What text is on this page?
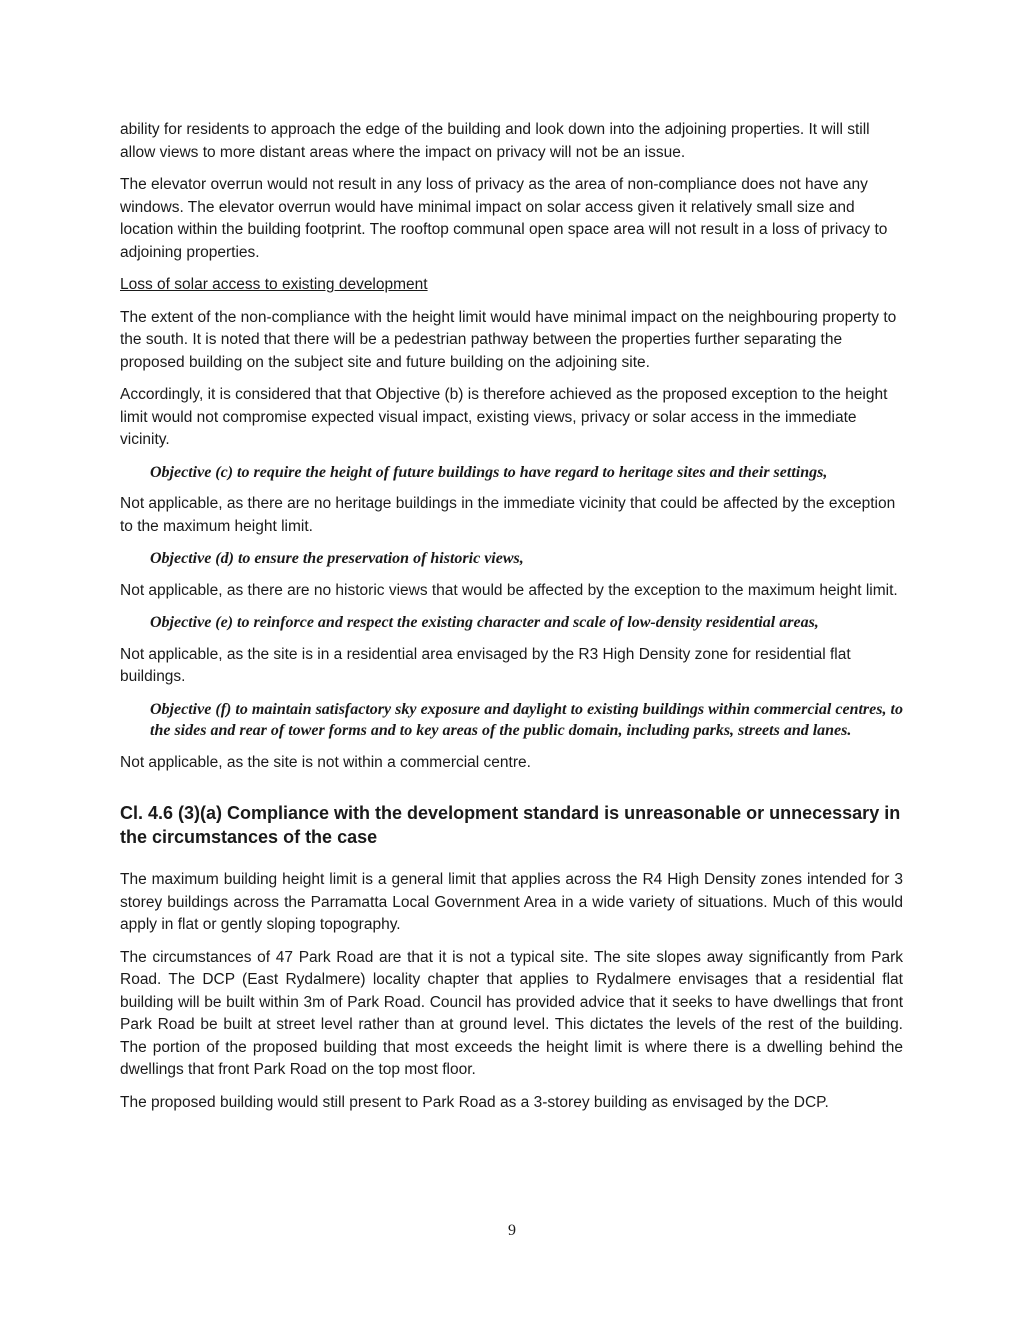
ability for residents to approach the edge of the building and look down into the adjoining properties. It will still allow views to more distant areas where the impact on privacy will not be an issue.

The elevator overrun would not result in any loss of privacy as the area of non-compliance does not have any windows. The elevator overrun would have minimal impact on solar access given it relatively small size and location within the building footprint. The rooftop communal open space area will not result in a loss of privacy to adjoining properties.

Loss of solar access to existing development

The extent of the non-compliance with the height limit would have minimal impact on the neighbouring property to the south. It is noted that there will be a pedestrian pathway between the properties further separating the proposed building on the subject site and future building on the adjoining site.

Accordingly, it is considered that that Objective (b) is therefore achieved as the proposed exception to the height limit would not compromise expected visual impact, existing views, privacy or solar access in the immediate vicinity.

Objective (c) to require the height of future buildings to have regard to heritage sites and their settings,

Not applicable, as there are no heritage buildings in the immediate vicinity that could be affected by the exception to the maximum height limit.

Objective (d) to ensure the preservation of historic views,

Not applicable, as there are no historic views that would be affected by the exception to the maximum height limit.

Objective (e) to reinforce and respect the existing character and scale of low-density residential areas,

Not applicable, as the site is in a residential area envisaged by the R3 High Density zone for residential flat buildings.

Objective (f) to maintain satisfactory sky exposure and daylight to existing buildings within commercial centres, to the sides and rear of tower forms and to key areas of the public domain, including parks, streets and lanes.

Not applicable, as the site is not within a commercial centre.

Cl. 4.6 (3)(a) Compliance with the development standard is unreasonable or unnecessary in the circumstances of the case

The maximum building height limit is a general limit that applies across the R4 High Density zones intended for 3 storey buildings across the Parramatta Local Government Area in a wide variety of situations. Much of this would apply in flat or gently sloping topography.

The circumstances of 47 Park Road are that it is not a typical site. The site slopes away significantly from Park Road. The DCP (East Rydalmere) locality chapter that applies to Rydalmere envisages that a residential flat building will be built within 3m of Park Road. Council has provided advice that it seeks to have dwellings that front Park Road be built at street level rather than at ground level. This dictates the levels of the rest of the building. The portion of the proposed building that most exceeds the height limit is where there is a dwelling behind the dwellings that front Park Road on the top most floor.

The proposed building would still present to Park Road as a 3-storey building as envisaged by the DCP.

9
